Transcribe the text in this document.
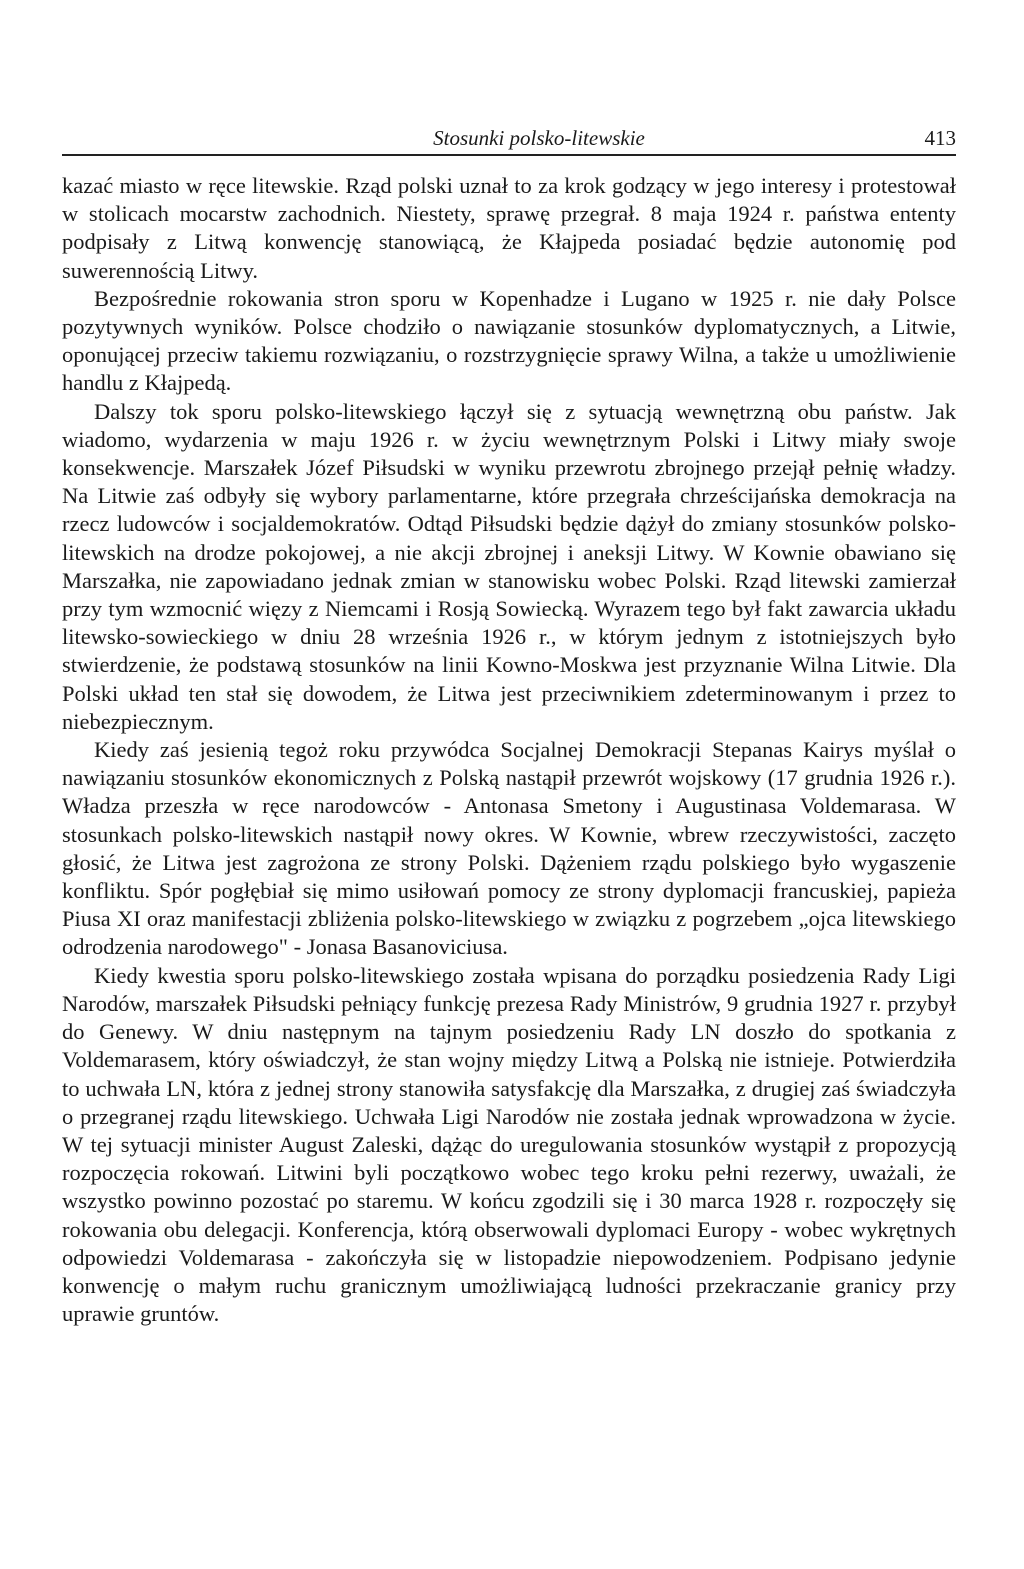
Stosunki polsko-litewskie	413

kazać miasto w ręce litewskie. Rząd polski uznał to za krok godzący w jego interesy i protestował w stolicach mocarstw zachodnich. Niestety, sprawę przegrał. 8 maja 1924 r. państwa ententy podpisały z Litwą konwencję stanowiącą, że Kłajpeda posiadać będzie autonomię pod suwerennością Litwy.

Bezpośrednie rokowania stron sporu w Kopenhadze i Lugano w 1925 r. nie dały Polsce pozytywnych wyników. Polsce chodziło o nawiązanie stosunków dyplomatycznych, a Litwie, oponującej przeciw takiemu rozwiązaniu, o rozstrzygnięcie sprawy Wilna, a także u umożliwienie handlu z Kłajpedą.

Dalszy tok sporu polsko-litewskiego łączył się z sytuacją wewnętrzną obu państw. Jak wiadomo, wydarzenia w maju 1926 r. w życiu wewnętrznym Polski i Litwy miały swoje konsekwencje. Marszałek Józef Piłsudski w wyniku przewrotu zbrojnego przejął pełnię władzy. Na Litwie zaś odbyły się wybory parlamentarne, które przegrała chrześcijańska demokracja na rzecz ludowców i socjaldemokratów. Odtąd Piłsudski będzie dążył do zmiany stosunków polsko-litewskich na drodze pokojowej, a nie akcji zbrojnej i aneksji Litwy. W Kownie obawiano się Marszałka, nie zapowiadano jednak zmian w stanowisku wobec Polski. Rząd litewski zamierzał przy tym wzmocnić więzy z Niemcami i Rosją Sowiecką. Wyrazem tego był fakt zawarcia układu litewsko-sowieckiego w dniu 28 września 1926 r., w którym jednym z istotniejszych było stwierdzenie, że podstawą stosunków na linii Kowno-Moskwa jest przyznanie Wilna Litwie. Dla Polski układ ten stał się dowodem, że Litwa jest przeciwnikiem zdeterminowanym i przez to niebezpiecznym.

Kiedy zaś jesienią tegoż roku przywódca Socjalnej Demokracji Stepanas Kairys myślał o nawiązaniu stosunków ekonomicznych z Polską nastąpił przewrót wojskowy (17 grudnia 1926 r.). Władza przeszła w ręce narodowców - Antonasa Smetony i Augustinasa Voldemarasa. W stosunkach polsko-litewskich nastąpił nowy okres. W Kownie, wbrew rzeczywistości, zaczęto głosić, że Litwa jest zagrożona ze strony Polski. Dążeniem rządu polskiego było wygaszenie konfliktu. Spór pogłębiał się mimo usiłowań pomocy ze strony dyplomacji francuskiej, papieża Piusa XI oraz manifestacji zbliżenia polsko-litewskiego w związku z pogrzebem „ojca litewskiego odrodzenia narodowego" - Jonasa Basanoviciusa.

Kiedy kwestia sporu polsko-litewskiego została wpisana do porządku posiedzenia Rady Ligi Narodów, marszałek Piłsudski pełniący funkcję prezesa Rady Ministrów, 9 grudnia 1927 r. przybył do Genewy. W dniu następnym na tajnym posiedzeniu Rady LN doszło do spotkania z Voldemarasem, który oświadczył, że stan wojny między Litwą a Polską nie istnieje. Potwierdziła to uchwała LN, która z jednej strony stanowiła satysfakcję dla Marszałka, z drugiej zaś świadczyła o przegranej rządu litewskiego. Uchwała Ligi Narodów nie została jednak wprowadzona w życie. W tej sytuacji minister August Zaleski, dążąc do uregulowania stosunków wystąpił z propozycją rozpoczęcia rokowań. Litwini byli początkowo wobec tego kroku pełni rezerwy, uważali, że wszystko powinno pozostać po staremu. W końcu zgodzili się i 30 marca 1928 r. rozpoczęły się rokowania obu delegacji. Konferencja, którą obserwowali dyplomaci Europy - wobec wykrętnych odpowiedzi Voldemarasa - zakończyła się w listopadzie niepowodzeniem. Podpisano jedynie konwencję o małym ruchu granicznym umożliwiającą ludności przekraczanie granicy przy uprawie gruntów.
